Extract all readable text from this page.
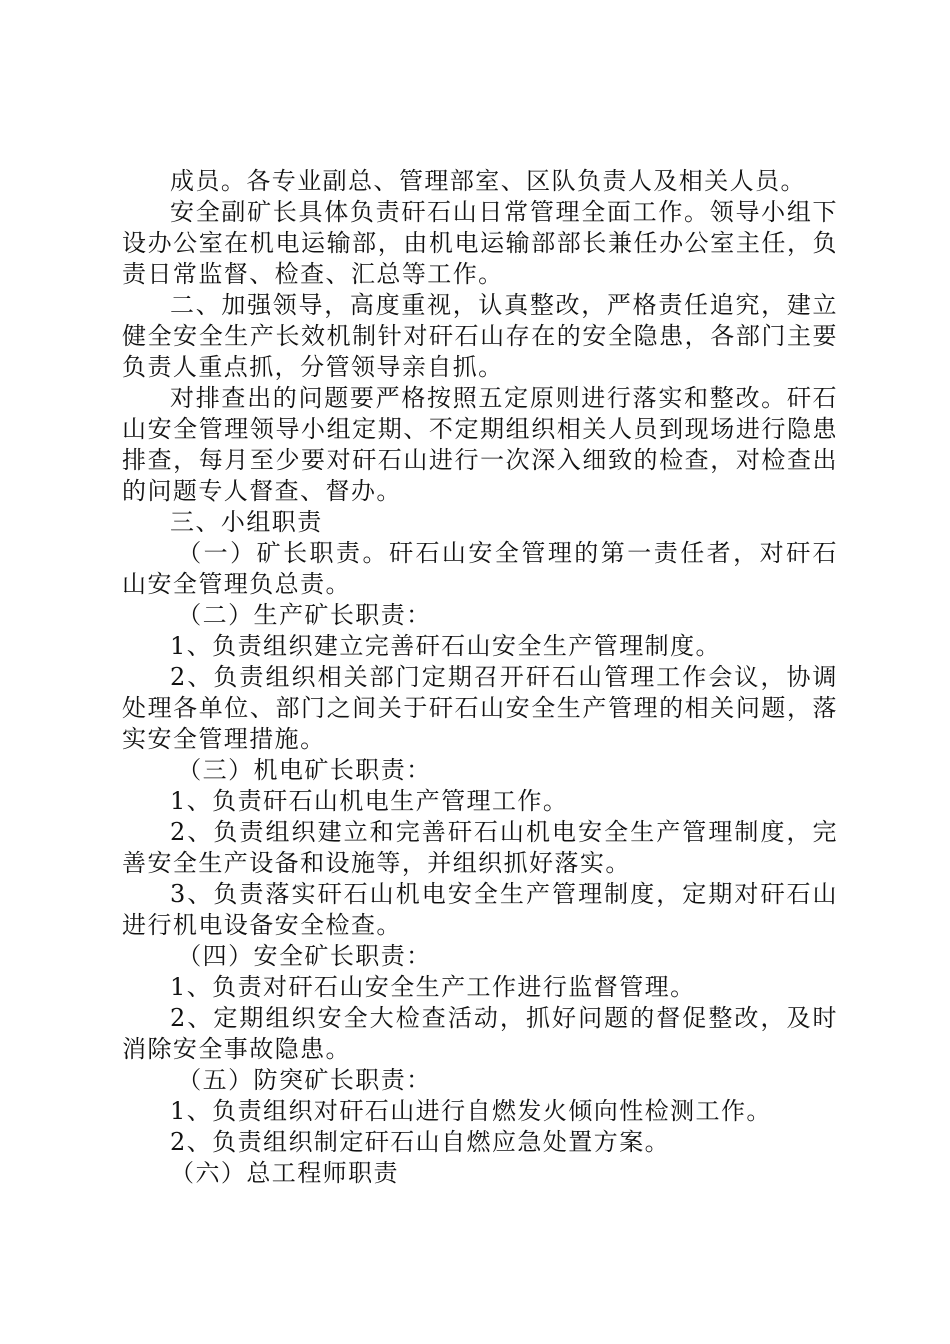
成员。各专业副总、管理部室、区队负责人及相关人员。

安全副矿长具体负责矸石山日常管理全面工作。领导小组下设办公室在机电运输部，由机电运输部部长兼任办公室主任，负责日常监督、检查、汇总等工作。

二、加强领导，高度重视，认真整改，严格责任追究，建立健全安全生产长效机制针对矸石山存在的安全隐患，各部门主要负责人重点抓，分管领导亲自抓。

对排查出的问题要严格按照五定原则进行落实和整改。矸石山安全管理领导小组定期、不定期组织相关人员到现场进行隐患排查，每月至少要对矸石山进行一次深入细致的检查，对检查出的问题专人督查、督办。

三、小组职责

（一）矿长职责。矸石山安全管理的第一责任者，对矸石山安全管理负总责。

（二）生产矿长职责：

1、负责组织建立完善矸石山安全生产管理制度。

2、负责组织相关部门定期召开矸石山管理工作会议，协调处理各单位、部门之间关于矸石山安全生产管理的相关问题，落实安全管理措施。

（三）机电矿长职责：

1、负责矸石山机电生产管理工作。

2、负责组织建立和完善矸石山机电安全生产管理制度，完善安全生产设备和设施等，并组织抓好落实。

3、负责落实矸石山机电安全生产管理制度，定期对矸石山进行机电设备安全检查。

（四）安全矿长职责：

1、负责对矸石山安全生产工作进行监督管理。

2、定期组织安全大检查活动，抓好问题的督促整改，及时消除安全事故隐患。

（五）防突矿长职责：

1、负责组织对矸石山进行自燃发火倾向性检测工作。

2、负责组织制定矸石山自燃应急处置方案。

（六）总工程师职责
